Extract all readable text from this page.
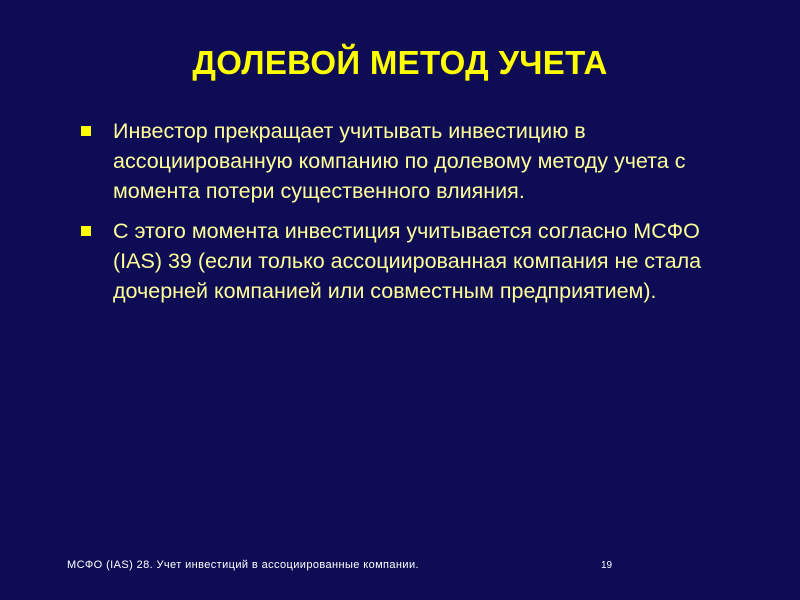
ДОЛЕВОЙ МЕТОД УЧЕТА
Инвестор прекращает учитывать инвестицию в ассоциированную компанию по долевому методу учета с момента потери существенного влияния.
С этого момента инвестиция учитывается согласно МСФО (IAS) 39 (если только ассоциированная компания не стала дочерней компанией или совместным предприятием).
МСФО (IAS) 28. Учет инвестиций в ассоциированные компании.	19
